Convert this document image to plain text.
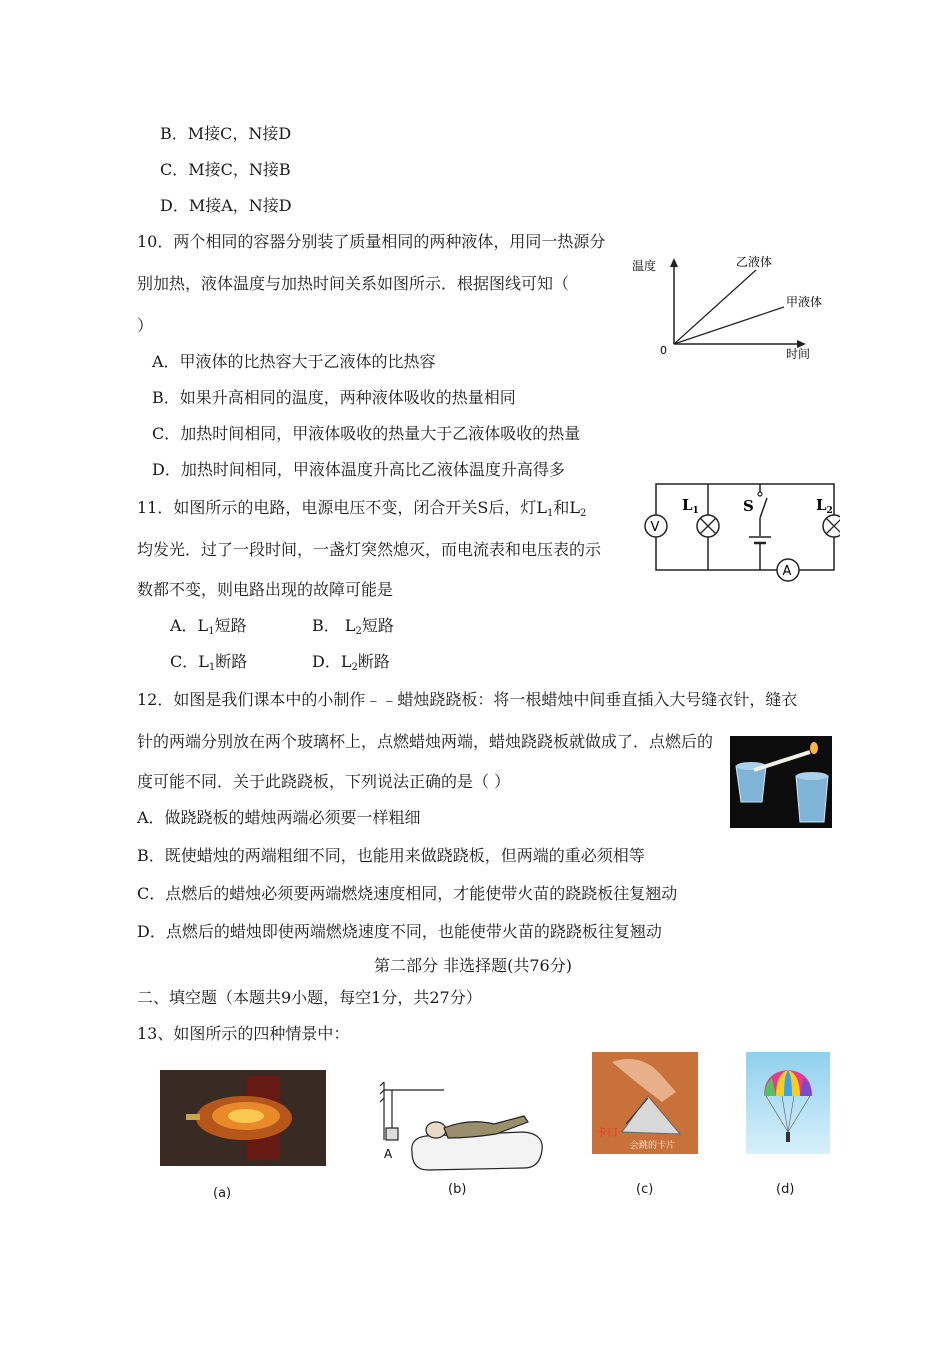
B．M接C，N接D
C．M接C，N接B
D．M接A，N接D
10．两个相同的容器分别装了质量相同的两种液体，用同一热源分
别加热，液体温度与加热时间关系如图所示．根据图线可知（
）
A．甲液体的比热容大于乙液体的比热容
B．如果升高相同的温度，两种液体吸收的热量相同
C．加热时间相同，甲液体吸收的热量大于乙液体吸收的热量
D．加热时间相同，甲液体温度升高比乙液体温度升高得多
温度
时间
0
乙液体
甲液体
11．如图所示的电路，电源电压不变，闭合开关S后，灯$L_1$和$L_2$
均发光．过了一段时间，一盏灯突然熄灭，而电流表和电压表的示
数都不变，则电路出现的故障可能是
A．$L_1$短路	B． $L_2$短路
C．$L_1$断路	D．$L_2$断路
V
$L_1$	S	$L_2$
A
12．如图是我们课本中的小制作﹣﹣蜡烛跷跷板：将一根蜡烛中间垂直插入大号缝衣针，缝衣
针的两端分别放在两个玻璃杯上，点燃蜡烛两端，蜡烛跷跷板就做成了．点燃后的
度可能不同．关于此跷跷板，下列说法正确的是（ ）
A．做跷跷板的蜡烛两端必须要一样粗细
B．既使蜡烛的两端粗细不同，也能用来做跷跷板，但两端的重必须相等
C．点燃后的蜡烛必须要两端燃烧速度相同，才能使带火苗的跷跷板往复翘动
D．点燃后的蜡烛即使两端燃烧速度不同，也能使带火苗的跷跷板往复翘动
第二部分 非选择题(共76分)
二、填空题（本题共9小题，每空1分，共27分）
13、如图所示的四种情景中：
(a)
A
(b)
卡口
会跳的卡片
(c)	(d)
